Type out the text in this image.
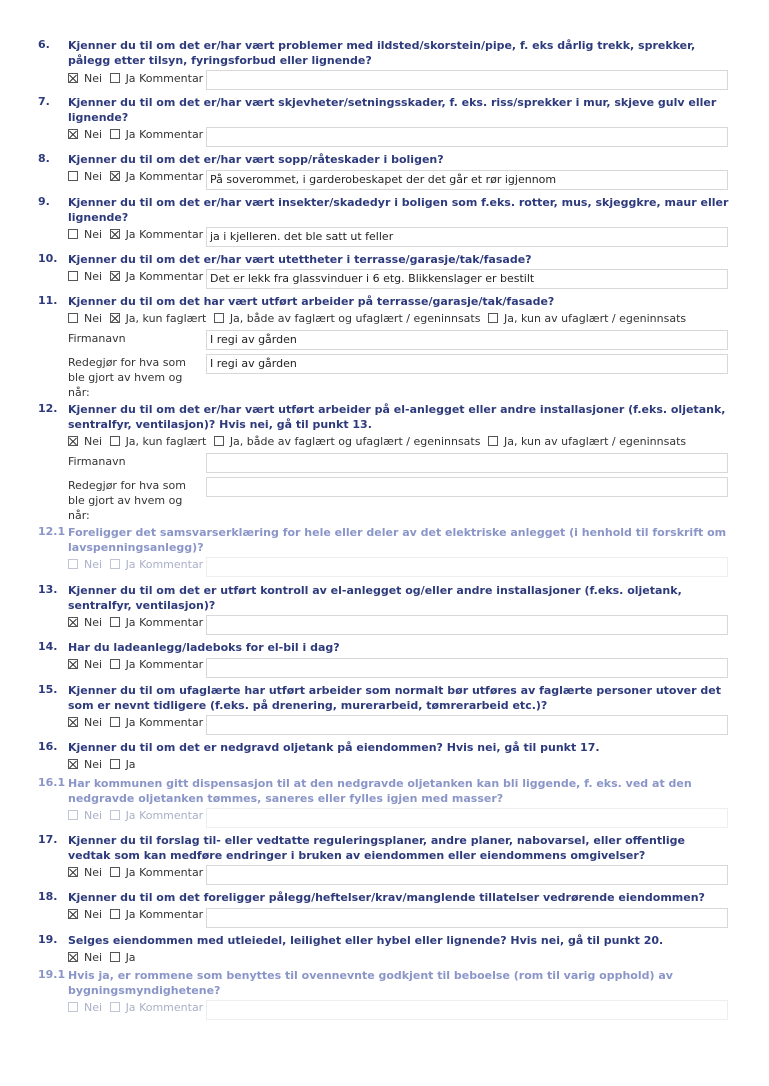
6. Kjenner du til om det er/har vært problemer med ildsted/skorstein/pipe, f. eks dårlig trekk, sprekker, pålegg etter tilsyn, fyringsforbud eller lignende?
Nei Ja Kommentar
7. Kjenner du til om det er/har vært skjevheter/setningsskader, f. eks. riss/sprekker i mur, skjeve gulv eller lignende?
Nei Ja Kommentar
8. Kjenner du til om det er/har vært sopp/råteskader i boligen?
Nei Ja Kommentar På soverommet, i garderobeskapet der det går et rør igjennom
9. Kjenner du til om det er/har vært insekter/skadedyr i boligen som f.eks. rotter, mus, skjeggkre, maur eller lignende?
Nei Ja Kommentar ja i kjelleren. det ble satt ut feller
10. Kjenner du til om det er/har vært utettheter i terrasse/garasje/tak/fasade?
Nei Ja Kommentar Det er lekk fra glassvinduer i 6 etg. Blikkenslager er bestilt
11. Kjenner du til om det har vært utført arbeider på terrasse/garasje/tak/fasade?
Nei Ja, kun faglært Ja, både av faglært og ufaglært / egeninnsats Ja, kun av ufaglært / egeninnsats
Firmanavn	I regi av gården
Redegjør for hva som ble gjort av hvem og når:
I regi av gården
12. Kjenner du til om det er/har vært utført arbeider på el-anlegget eller andre installasjoner (f.eks. oljetank, sentralfyr, ventilasjon)? Hvis nei, gå til punkt 13.
Nei Ja, kun faglært Ja, både av faglært og ufaglært / egeninnsats Ja, kun av ufaglært / egeninnsats
Firmanavn
Redegjør for hva som ble gjort av hvem og når:
12.1 Foreligger det samsvarserklæring for hele eller deler av det elektriske anlegget (i henhold til forskrift om lavspenningsanlegg)?
Nei Ja Kommentar
13. Kjenner du til om det er utført kontroll av el-anlegget og/eller andre installasjoner (f.eks. oljetank, sentralfyr, ventilasjon)?
Nei Ja Kommentar
14. Har du ladeanlegg/ladeboks for el-bil i dag?
Nei Ja Kommentar
15. Kjenner du til om ufaglærte har utført arbeider som normalt bør utføres av faglærte personer utover det som er nevnt tidligere (f.eks. på drenering, murerarbeid, tømrerarbeid etc.)?
Nei Ja Kommentar
16. Kjenner du til om det er nedgravd oljetank på eiendommen? Hvis nei, gå til punkt 17.
Nei Ja
16.1 Har kommunen gitt dispensasjon til at den nedgravde oljetanken kan bli liggende, f. eks. ved at den nedgravde oljetanken tømmes, saneres eller fylles igjen med masser?
Nei Ja Kommentar
17. Kjenner du til forslag til- eller vedtatte reguleringsplaner, andre planer, nabovarsel, eller offentlige vedtak som kan medføre endringer i bruken av eiendommen eller eiendommens omgivelser?
Nei Ja Kommentar
18. Kjenner du til om det foreligger pålegg/heftelser/krav/manglende tillatelser vedrørende eiendommen?
Nei Ja Kommentar
19. Selges eiendommen med utleiedel, leilighet eller hybel eller lignende? Hvis nei, gå til punkt 20.
Nei Ja
19.1 Hvis ja, er rommene som benyttes til ovennevnte godkjent til beboelse (rom til varig opphold) av bygningsmyndighetene?
Nei Ja Kommentar
